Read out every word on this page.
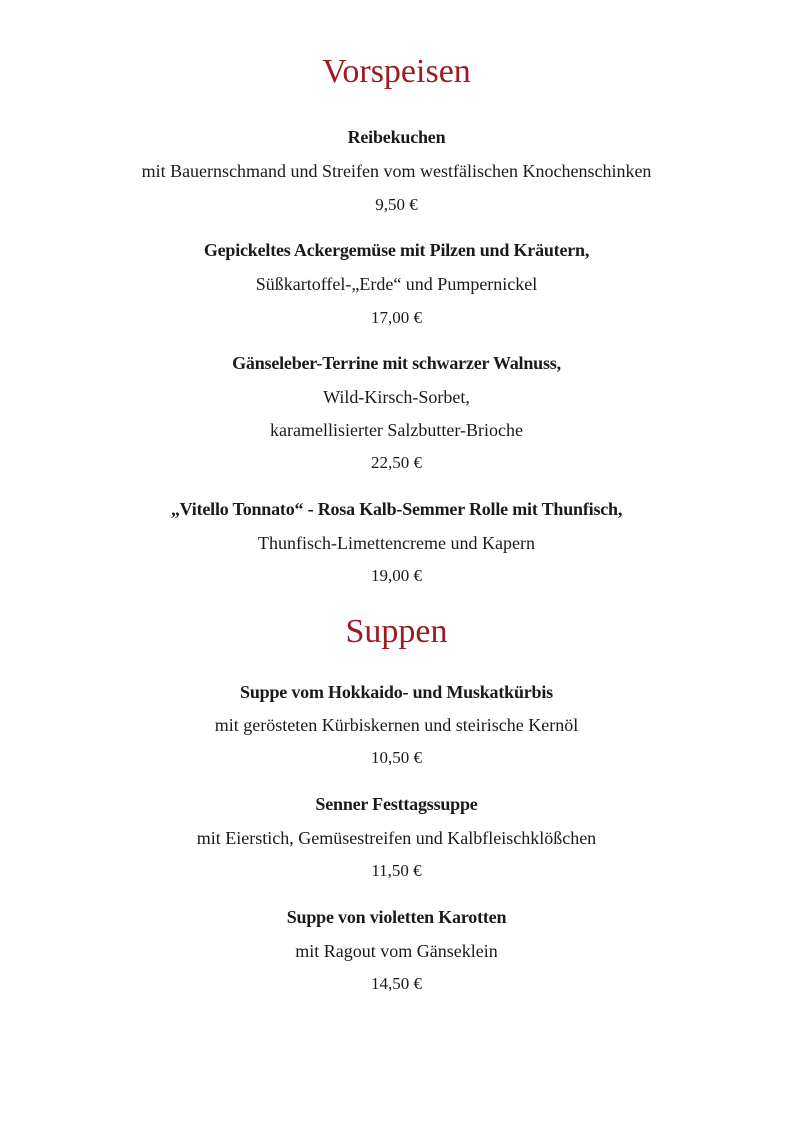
Vorspeisen
Reibekuchen
mit Bauernschmand und Streifen vom westfälischen Knochenschinken
9,50 €
Gepickeltes Ackergemüse mit Pilzen und Kräutern,
Süßkartoffel-„Erde“ und Pumpernickel
17,00 €
Gänseleber-Terrine mit schwarzer Walnuss,
Wild-Kirsch-Sorbet,
karamellisierter Salzbutter-Brioche
22,50 €
„Vitello Tonnato“ - Rosa Kalb-Semmer Rolle mit Thunfisch,
Thunfisch-Limettencreme und Kapern
19,00 €
Suppen
Suppe vom Hokkaido- und Muskatkürbis
mit gerösteten Kürbiskernen und steirische Kernöl
10,50 €
Senner Festtagssuppe
mit Eierstich, Gemüsestreifen und Kalbfleischklößchen
11,50 €
Suppe von violetten Karotten
mit Ragout vom Gänseklein
14,50 €
